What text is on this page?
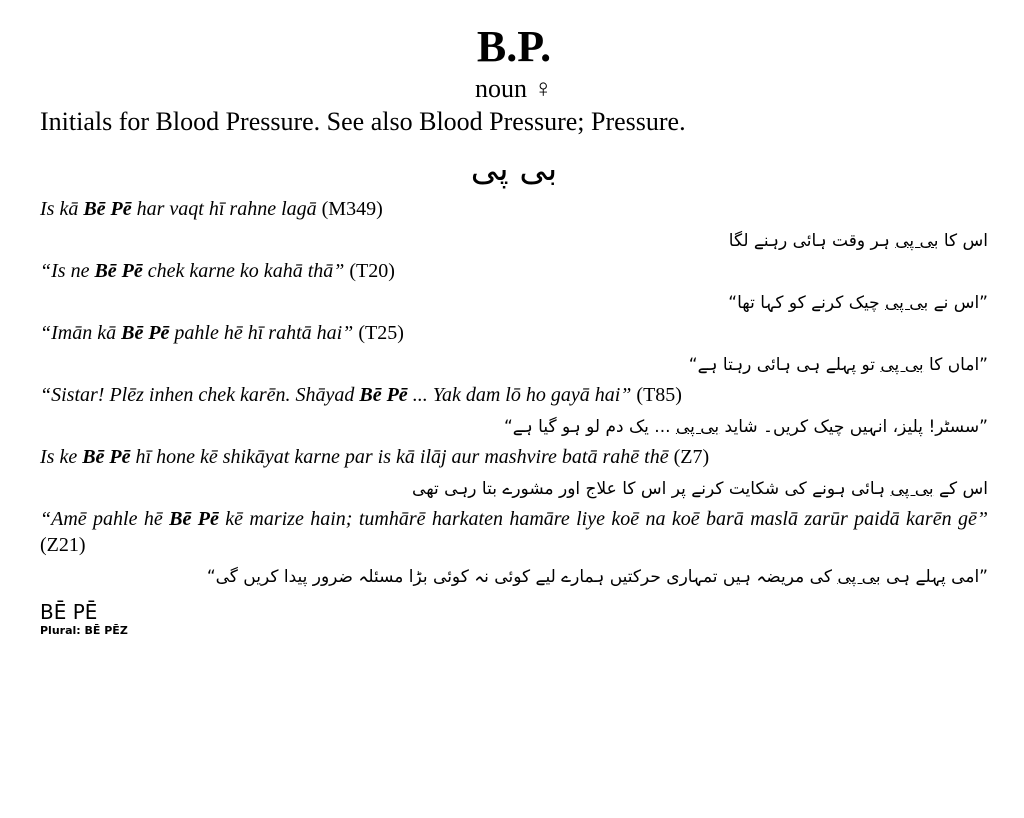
B.P.
noun ♀
Initials for Blood Pressure. See also Blood Pressure; Pressure.
بی پی
Is kā Bē Pē har vaqt hī rahne lagā (M349)
اس کا بی پی ہر وقت ہائی رہنے لگا
“Is ne Bē Pē chek karne ko kahā thā” (T20)
”اس نے بی پی چیک کرنے کو کہا تھا“
“Imān kā Bē Pē pahle hē hī rahtā hai” (T25)
”اماں کا بی پی تو پہلے ہی ہائی رہتا ہے“
“Sistar! Plēz inhen chek karēn. Shāyad Bē Pē ... Yak dam lō ho gayā hai” (T85)
”سسٹر! پلیز، انہیں چیک کریں۔ شاید بی پی ... یک دم لو ہو گیا ہے“
Is ke Bē Pē hī hone kē shikāyat karne par is kā ilāj aur mashvire batā rahē thē (Z7)
اس کے بی پی ہائی ہونے کی شکایت کرنے پر اس کا علاج اور مشورے بتا رہی تھی
“Amē pahle hē Bē Pē kē marize hain; tumhārē harkaten hamāre liye koē na koē barā maslā zarūr paidā karēn gē” (Z21)
”امی پہلے ہی بی پی کی مریضہ ہیں تمہاری حرکتیں ہمارے لیے کوئی نہ کوئی بڑا مسئلہ ضرور پیدا کریں گی“
BĒ PĒ
Plural: BĒ PĒZ
